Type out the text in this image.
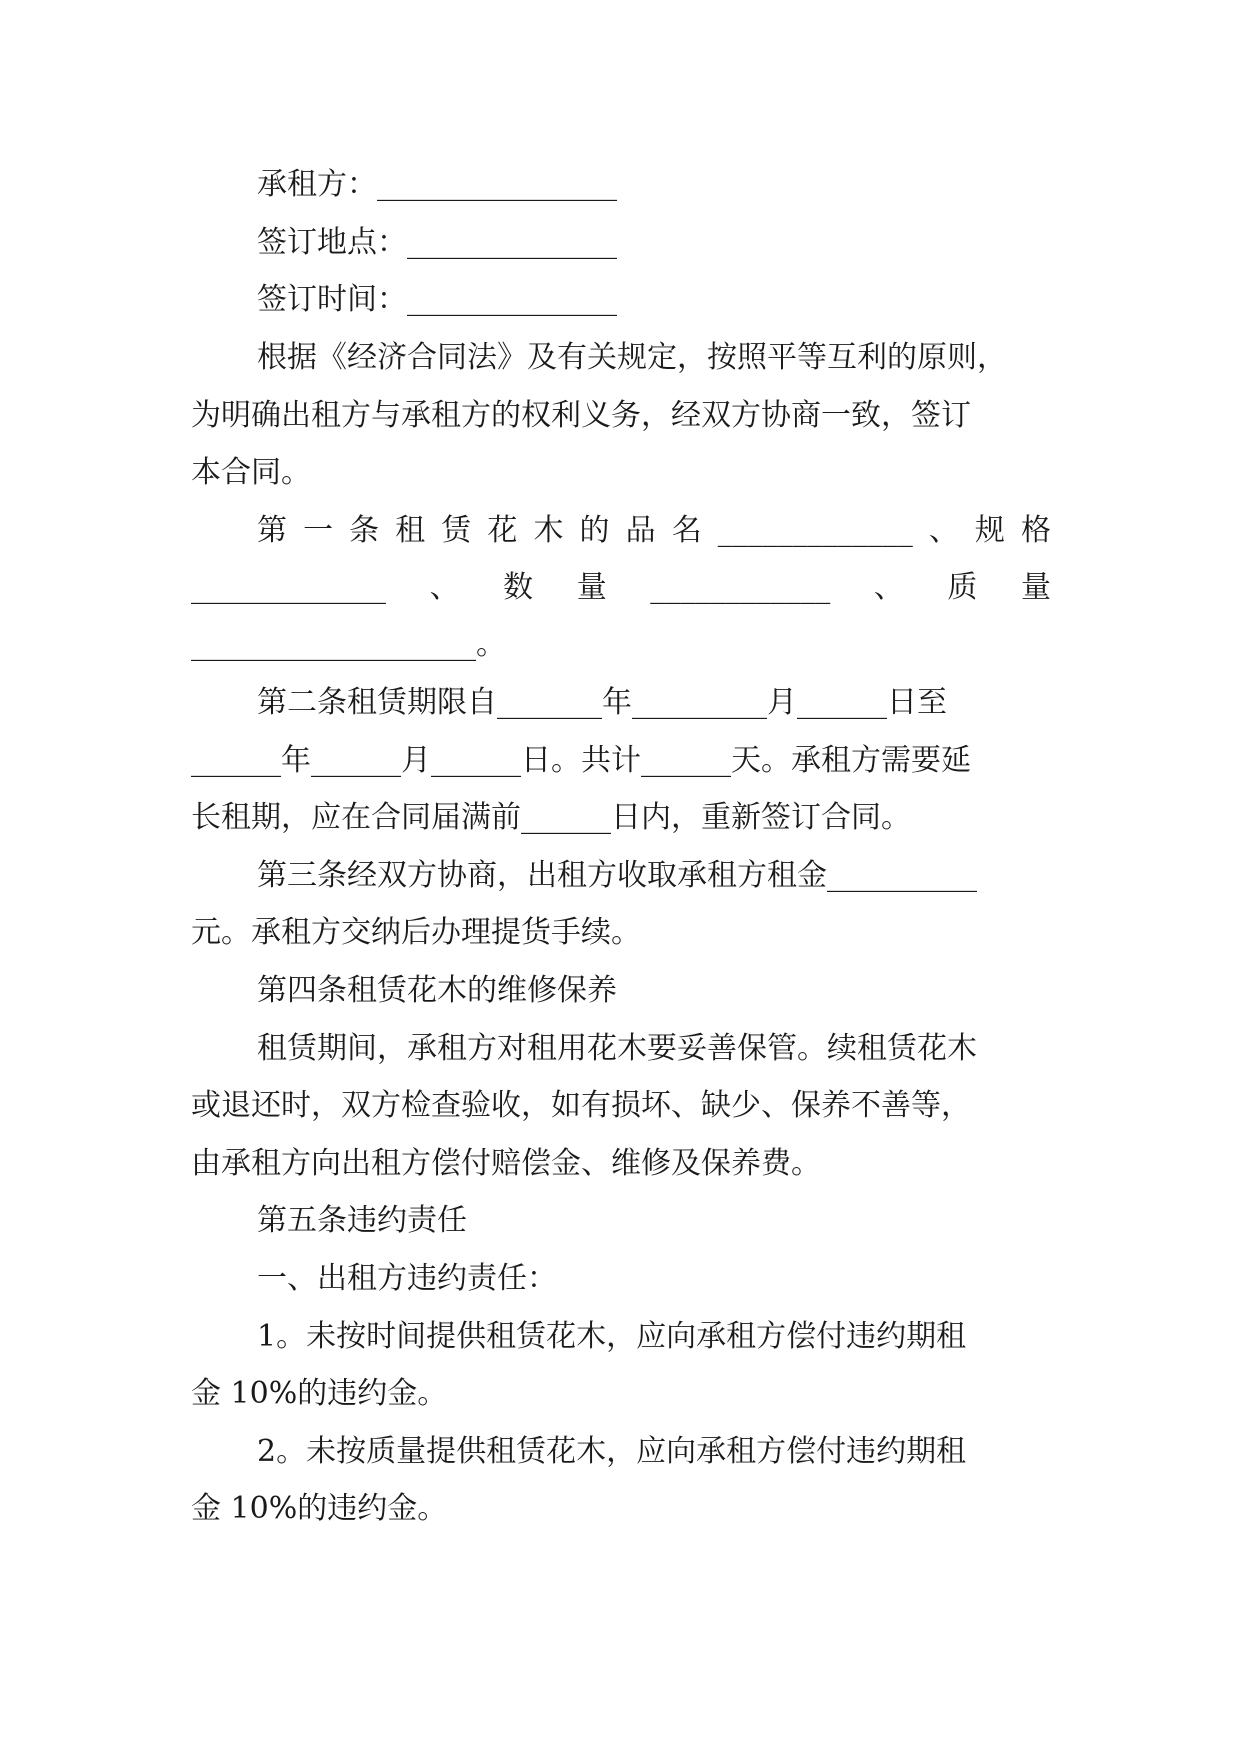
承租方：________________
签订地点：______________
签订时间：______________
根据《经济合同法》及有关规定，按照平等互利的原则，
为明确出租方与承租方的权利义务，经双方协商一致，签订
本合同。
第一条租赁花木的品名_____________、规格
_____________、数量____________、质量
___________________。
第二条租赁期限自_______年_________月______日至
______年______月______日。共计______天。承租方需要延
长租期，应在合同届满前______日内，重新签订合同。
第三条经双方协商，出租方收取承租方租金__________
元。承租方交纳后办理提货手续。
第四条租赁花木的维修保养
租赁期间，承租方对租用花木要妥善保管。续租赁花木
或退还时，双方检查验收，如有损坏、缺少、保养不善等，
由承租方向出租方偿付赔偿金、维修及保养费。
第五条违约责任
一、出租方违约责任：
1。未按时间提供租赁花木，应向承租方偿付违约期租
金 10%的违约金。
2。未按质量提供租赁花木，应向承租方偿付违约期租
金 10%的违约金。
